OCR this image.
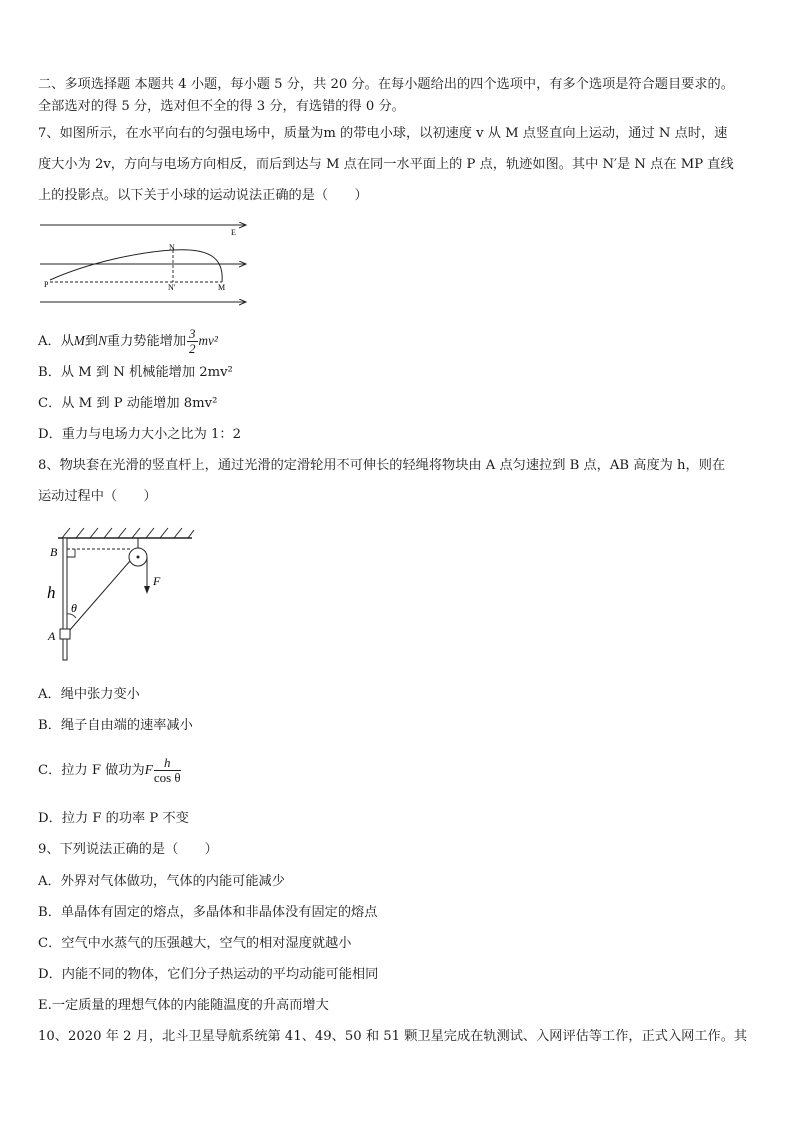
二、多项选择题 本题共 4 小题，每小题 5 分，共 20 分。在每小题给出的四个选项中，有多个选项是符合题目要求的。
全部选对的得 5 分，选对但不全的得 3 分，有选错的得 0 分。
7、如图所示，在水平向右的匀强电场中，质量为m 的带电小球，以初速度 v 从 M 点竖直向上运动，通过 N 点时，速
度大小为 2v，方向与电场方向相反，而后到达与 M 点在同一水平面上的 P 点，轨迹如图。其中 N′是 N 点在 MP 直线
上的投影点。以下关于小球的运动说法正确的是（　　）
E
N
P	N′	M
A．从M到N重力势能增加 $\frac{3}{2} mv^2$
B．从 M 到 N 机械能增加 2mv²
C．从 M 到 P 动能增加 8mv²
D．重力与电场力大小之比为 1：2
8、物块套在光滑的竖直杆上，通过光滑的定滑轮用不可伸长的轻绳将物块由 A 点匀速拉到 B 点，AB 高度为 h，则在
运动过程中（　　）
B
h
θ
A
F
A．绳中张力变小
B．绳子自由端的速率减小
C．拉力 F 做功为F $\frac{h}{\text{cos θ}}$
D．拉力 F 的功率 P 不变
9、下列说法正确的是（　　）
A．外界对气体做功，气体的内能可能减少
B．单晶体有固定的熔点，多晶体和非晶体没有固定的熔点
C．空气中水蒸气的压强越大，空气的相对湿度就越小
D．内能不同的物体，它们分子热运动的平均动能可能相同
E.一定质量的理想气体的内能随温度的升高而增大
10、2020 年 2 月，北斗卫星导航系统第 41、49、50 和 51 颗卫星完成在轨测试、入网评估等工作，正式入网工作。其
